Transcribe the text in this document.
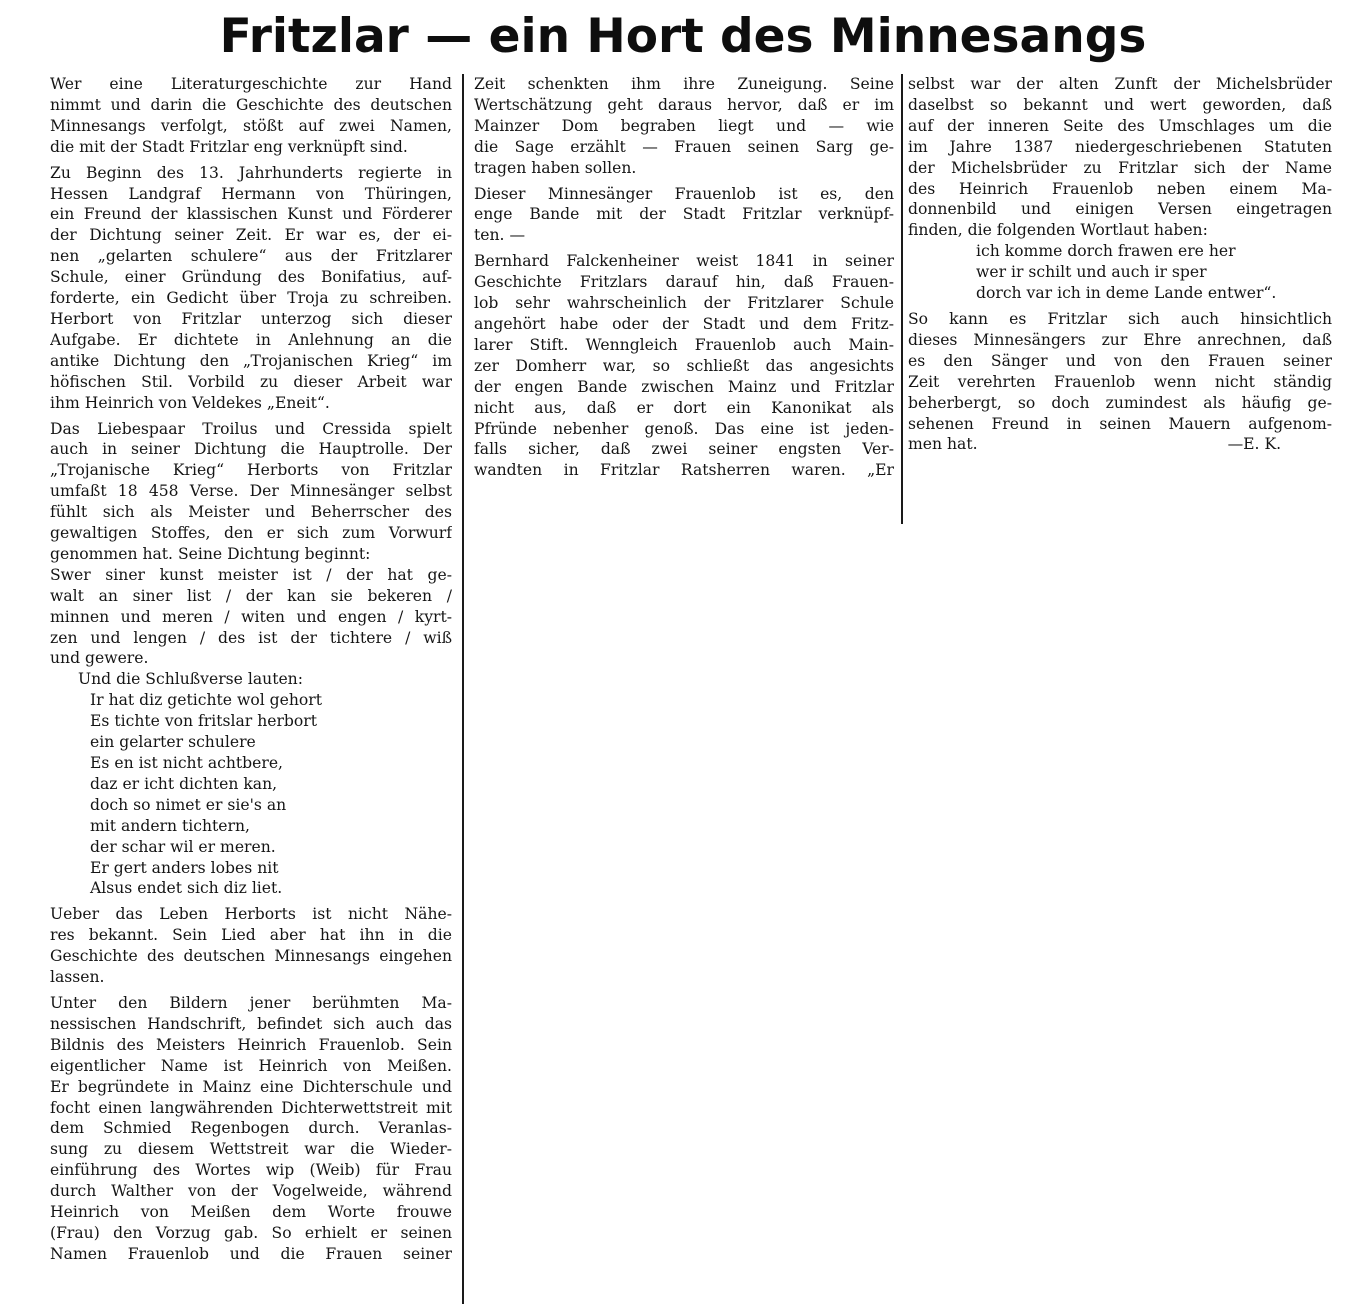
Fritzlar — ein Hort des Minnesangs
Wer eine Literaturgeschichte zur Hand
nimmt und darin die Geschichte des deutschen
Minnesangs verfolgt, stößt auf zwei Namen,
die mit der Stadt Fritzlar eng verknüpft sind.
Zu Beginn des 13. Jahrhunderts regierte in
Hessen Landgraf Hermann von Thüringen,
ein Freund der klassischen Kunst und Förderer
der Dichtung seiner Zeit. Er war es, der ei-
nen „gelarten schulere“ aus der Fritzlarer
Schule, einer Gründung des Bonifatius, auf-
forderte, ein Gedicht über Troja zu schreiben.
Herbort von Fritzlar unterzog sich dieser
Aufgabe. Er dichtete in Anlehnung an die
antike Dichtung den „Trojanischen Krieg“ im
höfischen Stil. Vorbild zu dieser Arbeit war
ihm Heinrich von Veldekes „Eneit“.
Das Liebespaar Troilus und Cressida spielt
auch in seiner Dichtung die Hauptrolle. Der
„Trojanische Krieg“ Herborts von Fritzlar
umfaßt 18 458 Verse. Der Minnesänger selbst
fühlt sich als Meister und Beherrscher des
gewaltigen Stoffes, den er sich zum Vorwurf
genommen hat. Seine Dichtung beginnt:
Swer siner kunst meister ist / der hat ge-
walt an siner list / der kan sie bekeren /
minnen und meren / witen und engen / kyrt-
zen und lengen / des ist der tichtere / wiß
und gewere.
Und die Schlußverse lauten:
Ir hat diz getichte wol gehort
Es tichte von fritslar herbort
ein gelarter schulere
Es en ist nicht achtbere,
daz er icht dichten kan,
doch so nimet er sie's an
mit andern tichtern,
der schar wil er meren.
Er gert anders lobes nit
Alsus endet sich diz liet.
Ueber das Leben Herborts ist nicht Nähe-
res bekannt. Sein Lied aber hat ihn in die
Geschichte des deutschen Minnesangs eingehen
lassen.
Unter den Bildern jener berühmten Ma-
nessischen Handschrift, befindet sich auch das
Bildnis des Meisters Heinrich Frauenlob. Sein
eigentlicher Name ist Heinrich von Meißen.
Er begründete in Mainz eine Dichterschule und
focht einen langwährenden Dichterwettstreit mit
dem Schmied Regenbogen durch. Veranlas-
sung zu diesem Wettstreit war die Wieder-
einführung des Wortes wip (Weib) für Frau
durch Walther von der Vogelweide, während
Heinrich von Meißen dem Worte frouwe
(Frau) den Vorzug gab. So erhielt er seinen
Namen Frauenlob und die Frauen seiner
Zeit schenkten ihm ihre Zuneigung. Seine
Wertschätzung geht daraus hervor, daß er im
Mainzer Dom begraben liegt und — wie
die Sage erzählt — Frauen seinen Sarg ge-
tragen haben sollen.
Dieser Minnesänger Frauenlob ist es, den
enge Bande mit der Stadt Fritzlar verknüpf-
ten. —
Bernhard Falckenheiner weist 1841 in seiner
Geschichte Fritzlars darauf hin, daß Frauen-
lob sehr wahrscheinlich der Fritzlarer Schule
angehört habe oder der Stadt und dem Fritz-
larer Stift. Wenngleich Frauenlob auch Main-
zer Domherr war, so schließt das angesichts
der engen Bande zwischen Mainz und Fritzlar
nicht aus, daß er dort ein Kanonikat als
Pfründe nebenher genoß. Das eine ist jeden-
falls sicher, daß zwei seiner engsten Ver-
wandten in Fritzlar Ratsherren waren. „Er
selbst war der alten Zunft der Michelsbrüder
daselbst so bekannt und wert geworden, daß
auf der inneren Seite des Umschlages um die
im Jahre 1387 niedergeschriebenen Statuten
der Michelsbrüder zu Fritzlar sich der Name
des Heinrich Frauenlob neben einem Ma-
donnenbild und einigen Versen eingetragen
finden, die folgenden Wortlaut haben:
ich komme dorch frawen ere her
wer ir schilt und auch ir sper
dorch var ich in deme Lande entwer“.
So kann es Fritzlar sich auch hinsichtlich
dieses Minnesängers zur Ehre anrechnen, daß
es den Sänger und von den Frauen seiner
Zeit verehrten Frauenlob wenn nicht ständig
beherbergt, so doch zumindest als häufig ge-
sehenen Freund in seinen Mauern aufgenom-
men hat.	—E. K.
